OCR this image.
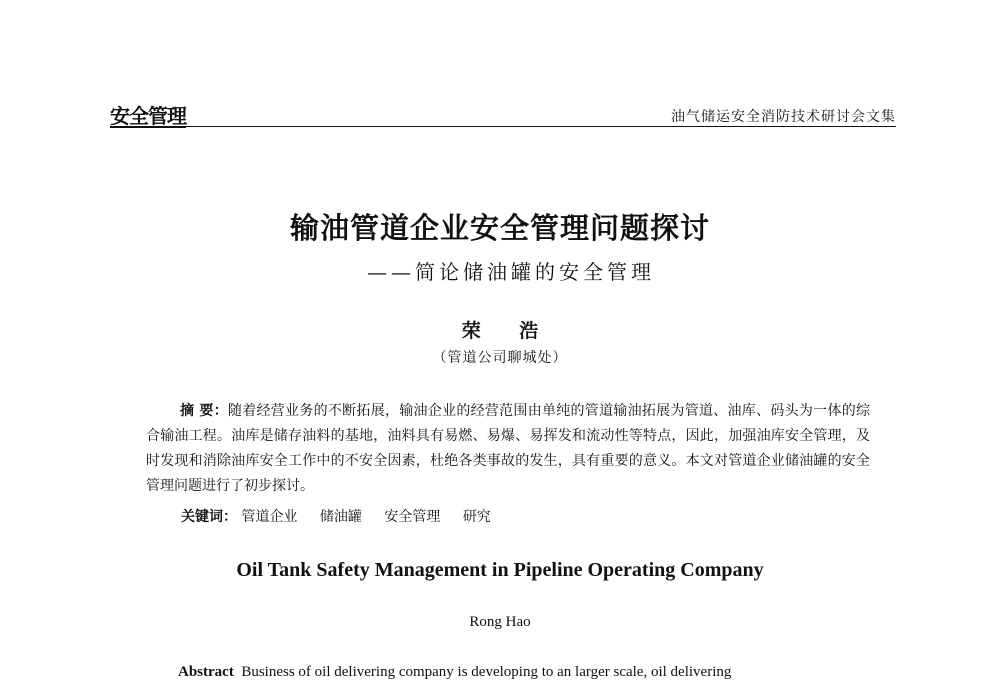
安全管理	油气储运安全消防技术研讨会文集
输油管道企业安全管理问题探讨
——简论储油罐的安全管理
荣 浩
（管道公司聊城处）
摘 要：随着经营业务的不断拓展，输油企业的经营范围由单纯的管道输油拓展为管道、油库、码头为一体的综合输油工程。油库是储存油料的基地，油料具有易燃、易爆、易挥发和流动性等特点，因此，加强油库安全管理，及时发现和消除油库安全工作中的不安全因素，杜绝各类事故的发生，具有重要的意义。本文对管道企业储油罐的安全管理问题进行了初步探讨。
关键词： 管道企业 储油罐 安全管理 研究
Oil Tank Safety Management in Pipeline Operating Company
Rong Hao
Abstract Business of oil delivering company is developing to an larger scale, oil delivering
